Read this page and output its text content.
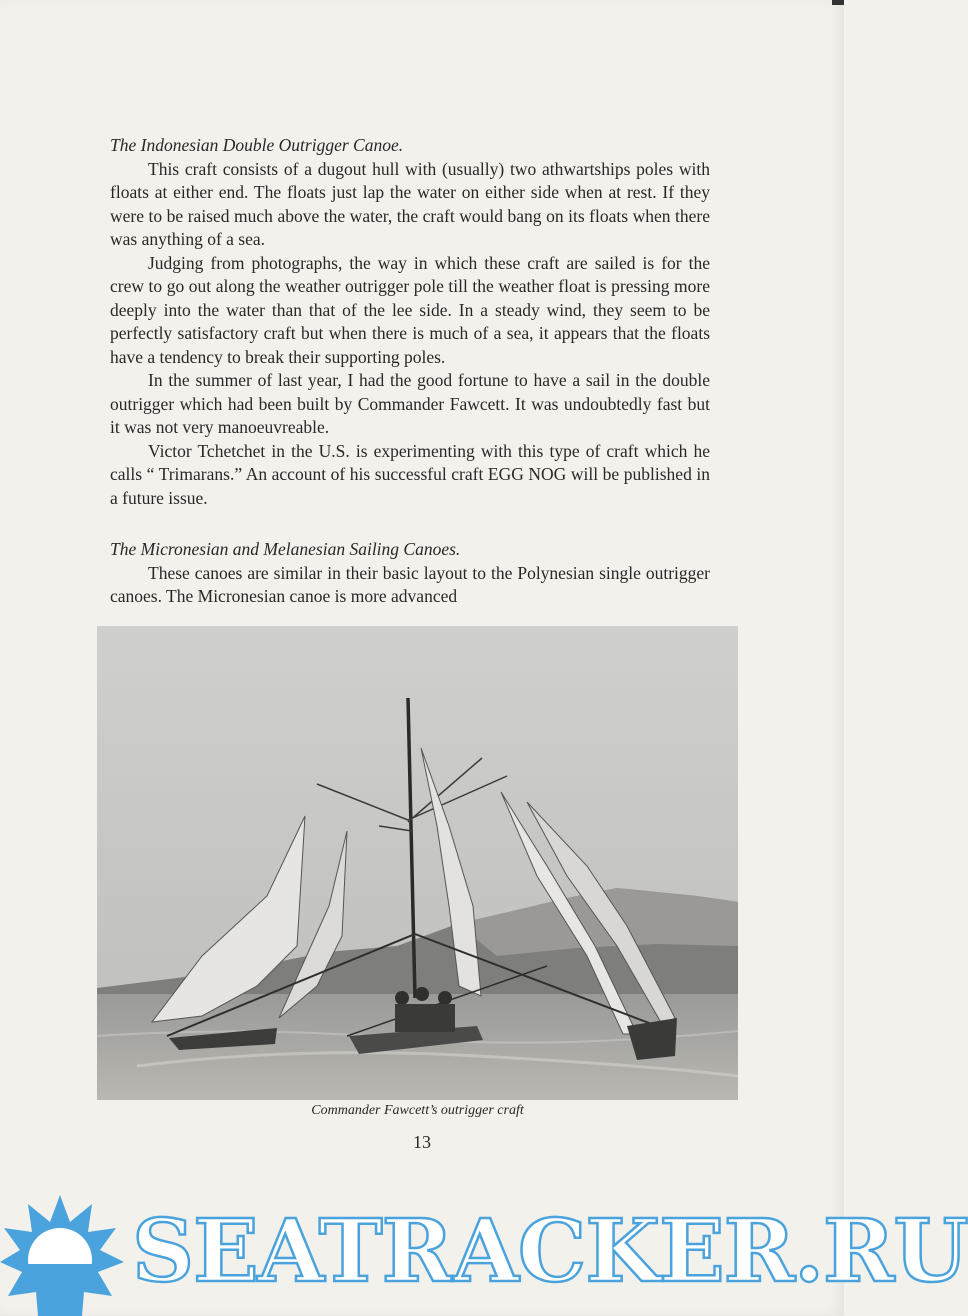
The Indonesian Double Outrigger Canoe.

This craft consists of a dugout hull with (usually) two athwartships poles with floats at either end. The floats just lap the water on either side when at rest. If they were to be raised much above the water, the craft would bang on its floats when there was anything of a sea.

Judging from photographs, the way in which these craft are sailed is for the crew to go out along the weather outrigger pole till the weather float is pressing more deeply into the water than that of the lee side. In a steady wind, they seem to be perfectly satisfactory craft but when there is much of a sea, it appears that the floats have a tendency to break their supporting poles.

In the summer of last year, I had the good fortune to have a sail in the double outrigger which had been built by Commander Fawcett. It was undoubtedly fast but it was not very manoeuvreable.

Victor Tchetchet in the U.S. is experimenting with this type of craft which he calls “ Trimarans.” An account of his successful craft EGG NOG will be published in a future issue.

The Micronesian and Melanesian Sailing Canoes.

These canoes are similar in their basic layout to the Polynesian single outrigger canoes. The Micronesian canoe is more advanced

Commander Fawcett’s outrigger craft
13
SEATRACKER.RU
